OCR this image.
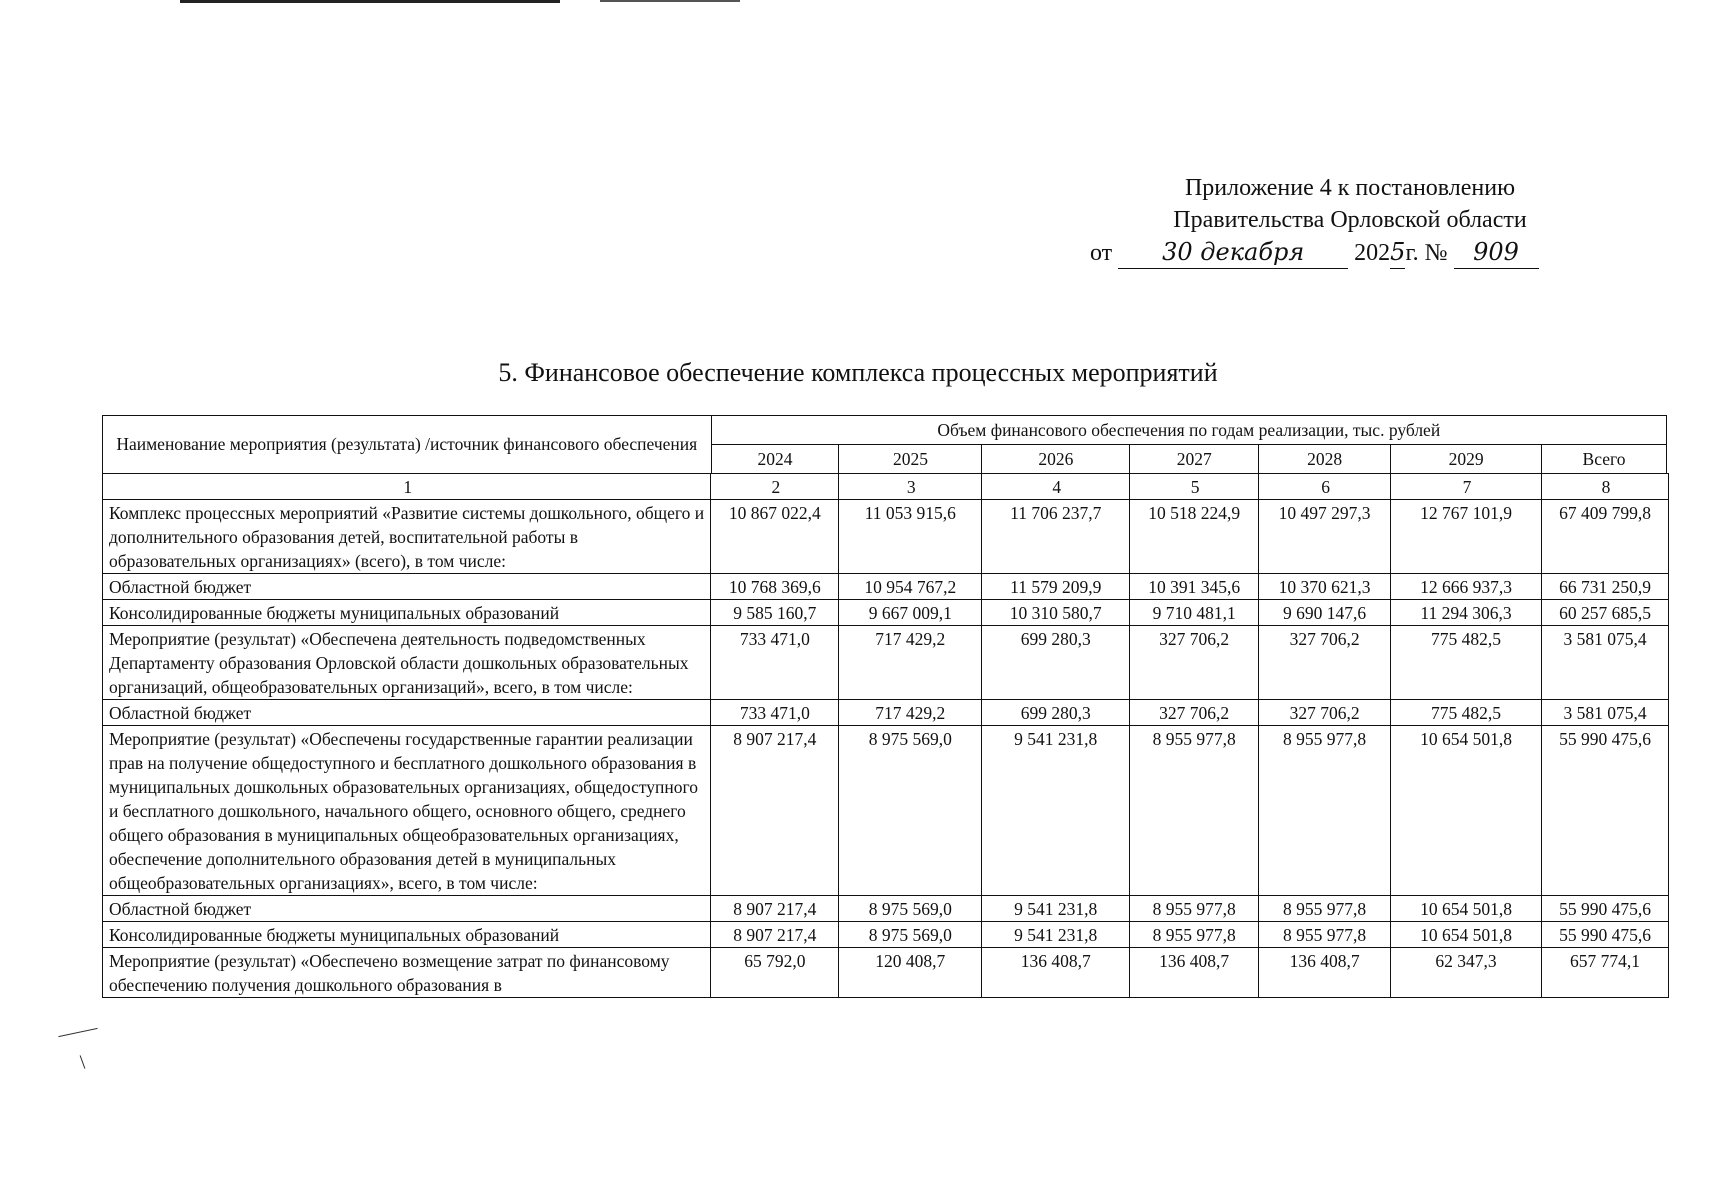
Приложение 4 к постановлению
Правительства Орловской области
от 30 декабря 2025г. № 909
5. Финансовое обеспечение комплекса процессных мероприятий
Наименование мероприятия (результата) /источник финансового обеспечения	Объем финансового обеспечения по годам реализации, тыс. рублей						
	2024	2025	2026	2027	2028	2029	Всего
1	2	3	4	5	6	7	8
Комплекс процессных мероприятий «Развитие системы дошкольного, общего и дополнительного образования детей, воспитательной работы в образовательных организациях» (всего), в том числе:	10 867 022,4	11 053 915,6	11 706 237,7	10 518 224,9	10 497 297,3	12 767 101,9	67 409 799,8
Областной бюджет	10 768 369,6	10 954 767,2	11 579 209,9	10 391 345,6	10 370 621,3	12 666 937,3	66 731 250,9
Консолидированные бюджеты муниципальных образований	9 585 160,7	9 667 009,1	10 310 580,7	9 710 481,1	9 690 147,6	11 294 306,3	60 257 685,5
Мероприятие (результат) «Обеспечена деятельность подведомственных Департаменту образования Орловской области дошкольных образовательных организаций, общеобразовательных организаций», всего, в том числе:	733 471,0	717 429,2	699 280,3	327 706,2	327 706,2	775 482,5	3 581 075,4
Областной бюджет	733 471,0	717 429,2	699 280,3	327 706,2	327 706,2	775 482,5	3 581 075,4
Мероприятие (результат) «Обеспечены государственные гарантии реализации прав на получение общедоступного и бесплатного дошкольного образования в муниципальных дошкольных образовательных организациях, общедоступного и бесплатного дошкольного, начального общего, основного общего, среднего общего образования в муниципальных общеобразовательных организациях, обеспечение дополнительного образования детей в муниципальных общеобразовательных организациях», всего, в том числе:	8 907 217,4	8 975 569,0	9 541 231,8	8 955 977,8	8 955 977,8	10 654 501,8	55 990 475,6
Областной бюджет	8 907 217,4	8 975 569,0	9 541 231,8	8 955 977,8	8 955 977,8	10 654 501,8	55 990 475,6
Консолидированные бюджеты муниципальных образований	8 907 217,4	8 975 569,0	9 541 231,8	8 955 977,8	8 955 977,8	10 654 501,8	55 990 475,6
Мероприятие (результат) «Обеспечено возмещение затрат по финансовому обеспечению получения дошкольного образования в	65 792,0	120 408,7	136 408,7	136 408,7	136 408,7	62 347,3	657 774,1
